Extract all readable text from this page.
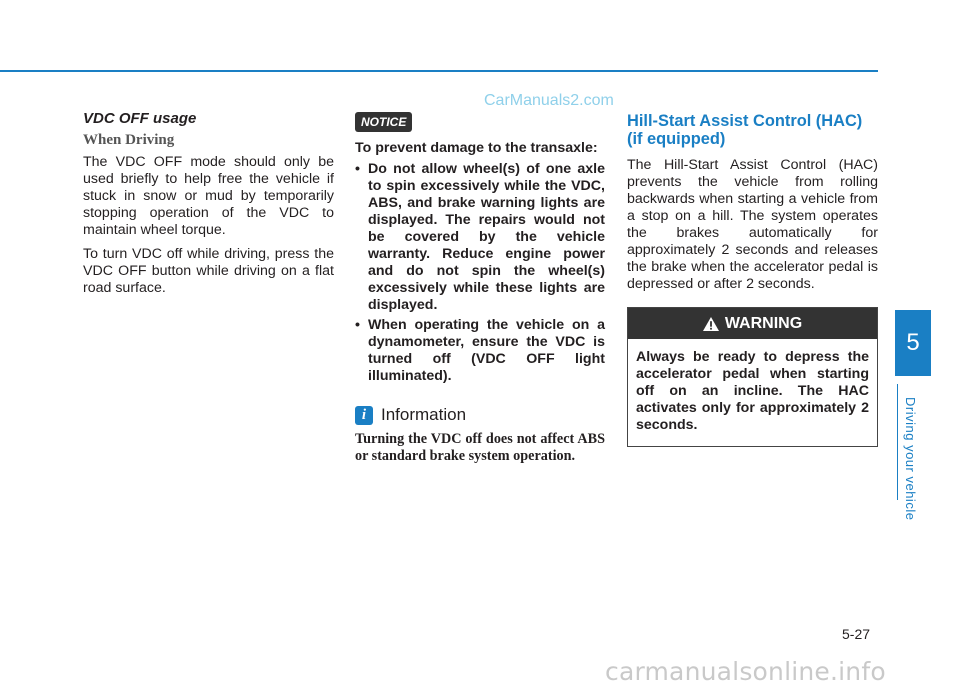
CarManuals2.com
VDC OFF usage
When Driving

The VDC OFF mode should only be used briefly to help free the vehicle if stuck in snow or mud by temporarily stopping operation of the VDC to maintain wheel torque.

To turn VDC off while driving, press the VDC OFF button while driving on a flat road surface.

NOTICE

To prevent damage to the transaxle:

• Do not allow wheel(s) of one axle to spin excessively while the VDC, ABS, and brake warning lights are displayed. The repairs would not be covered by the vehicle warranty. Reduce engine power and do not spin the wheel(s) excessively while these lights are displayed.
• When operating the vehicle on a dynamometer, ensure the VDC is turned off (VDC OFF light illuminated).
i Information

Turning the VDC off does not affect ABS or standard brake system operation.

Hill-Start Assist Control (HAC) (if equipped)

The Hill-Start Assist Control (HAC) prevents the vehicle from rolling backwards when starting a vehicle from a stop on a hill. The system operates the brakes automatically for approximately 2 seconds and releases the brake when the accelerator pedal is depressed or after 2 seconds.

WARNING
Always be ready to depress the accelerator pedal when starting off on an incline. The HAC activates only for approximately 2 seconds.
5
Driving your vehicle
5-27
carmanualsonline.info
